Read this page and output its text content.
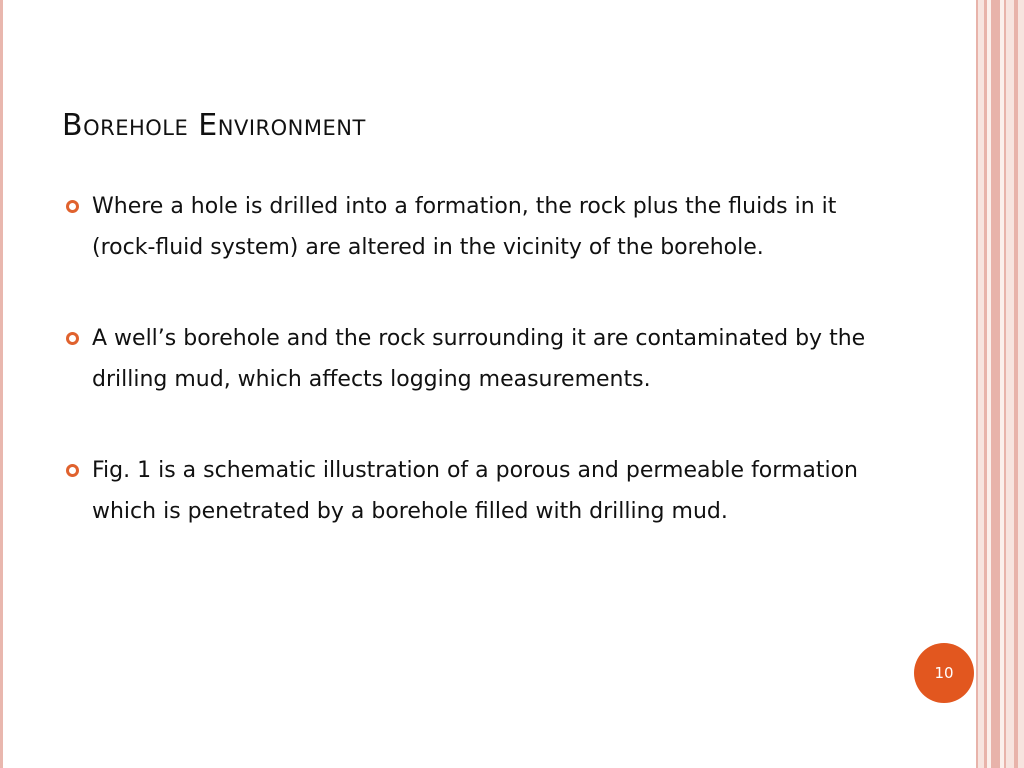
Borehole Environment
Where a hole is drilled into a formation, the rock plus the fluids in it (rock-fluid system) are altered in the vicinity of the borehole.
A well’s borehole and the rock surrounding it are contaminated by the drilling mud, which affects logging measurements.
Fig. 1 is a schematic illustration of a porous and permeable formation which is penetrated by a borehole filled with drilling mud.
10
